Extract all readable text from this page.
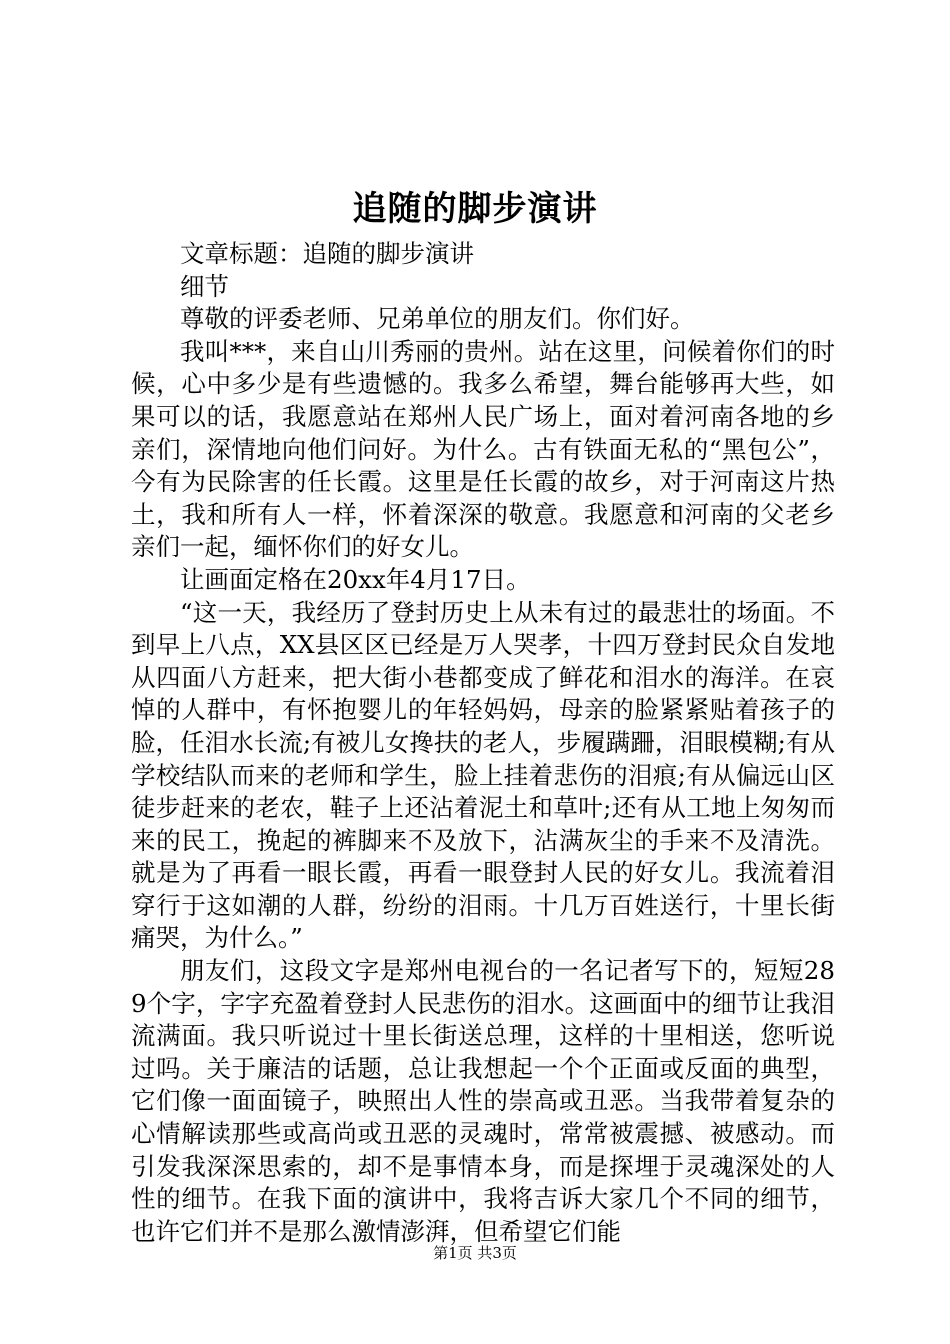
追随的脚步演讲

文章标题：追随的脚步演讲

细节

尊敬的评委老师、兄弟单位的朋友们。你们好。

我叫***，来自山川秀丽的贵州。站在这里，问候着你们的时候，心中多少是有些遗憾的。我多么希望，舞台能够再大些，如果可以的话，我愿意站在郑州人民广场上，面对着河南各地的乡亲们，深情地向他们问好。为什么。古有铁面无私的“黑包公”，今有为民除害的任长霞。这里是任长霞的故乡，对于河南这片热土，我和所有人一样，怀着深深的敬意。我愿意和河南的父老乡亲们一起，缅怀你们的好女儿。

让画面定格在20xx年4月17日。

“这一天，我经历了登封历史上从未有过的最悲壮的场面。不到早上八点，XX县区区已经是万人哭孝，十四万登封民众自发地从四面八方赶来，把大街小巷都变成了鲜花和泪水的海洋。在哀悼的人群中，有怀抱婴儿的年轻妈妈，母亲的脸紧紧贴着孩子的脸，任泪水长流;有被儿女搀扶的老人，步履蹒跚，泪眼模糊;有从学校结队而来的老师和学生，脸上挂着悲伤的泪痕;有从偏远山区徒步赶来的老农，鞋子上还沾着泥土和草叶;还有从工地上匆匆而来的民工，挽起的裤脚来不及放下，沾满灰尘的手来不及清洗。就是为了再看一眼长霞，再看一眼登封人民的好女儿。我流着泪穿行于这如潮的人群，纷纷的泪雨。十几万百姓送行，十里长街痛哭，为什么。”

朋友们，这段文字是郑州电视台的一名记者写下的，短短289个字，字字充盈着登封人民悲伤的泪水。这画面中的细节让我泪流满面。我只听说过十里长街送总理，这样的十里相送，您听说过吗。关于廉洁的话题，总让我想起一个个正面或反面的典型，它们像一面面镜子，映照出人性的崇高或丑恶。当我带着复杂的心情解读那些或高尚或丑恶的灵魂时，常常被震撼、被感动。而引发我深深思索的，却不是事情本身，而是探埋于灵魂深处的人性的细节。在我下面的演讲中，我将吉诉大家几个不同的细节，也许它们并不是那么激情澎湃，但希望它们能

第1页 共3页
